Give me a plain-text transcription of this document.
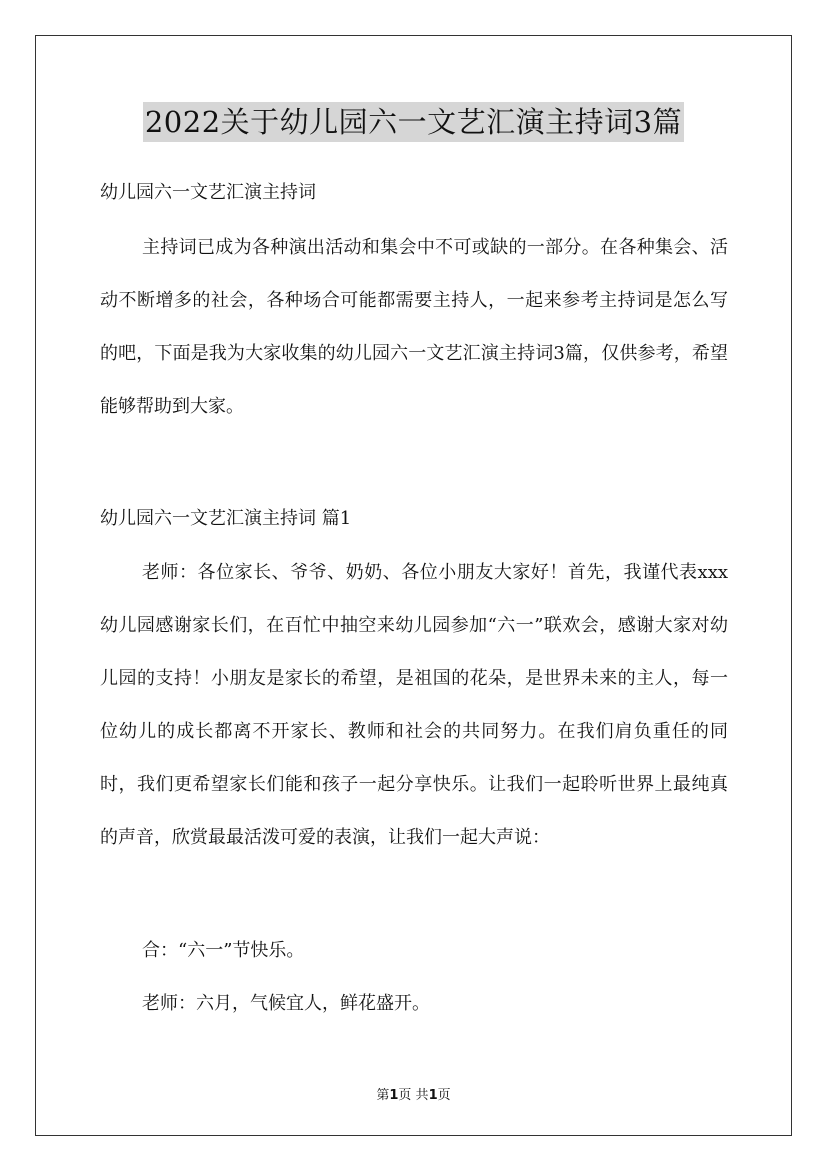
2022关于幼儿园六一文艺汇演主持词3篇

幼儿园六一文艺汇演主持词

主持词已成为各种演出活动和集会中不可或缺的一部分。在各种集会、活动不断增多的社会，各种场合可能都需要主持人，一起来参考主持词是怎么写的吧，下面是我为大家收集的幼儿园六一文艺汇演主持词3篇，仅供参考，希望能够帮助到大家。

幼儿园六一文艺汇演主持词 篇1

老师：各位家长、爷爷、奶奶、各位小朋友大家好！首先，我谨代表xxx幼儿园感谢家长们，在百忙中抽空来幼儿园参加“六一”联欢会，感谢大家对幼儿园的支持！小朋友是家长的希望，是祖国的花朵，是世界未来的主人，每一位幼儿的成长都离不开家长、教师和社会的共同努力。在我们肩负重任的同时，我们更希望家长们能和孩子一起分享快乐。让我们一起聆听世界上最纯真的声音，欣赏最最活泼可爱的表演，让我们一起大声说：

合：“六一”节快乐。

老师：六月，气候宜人，鲜花盛开。

第1页 共1页
